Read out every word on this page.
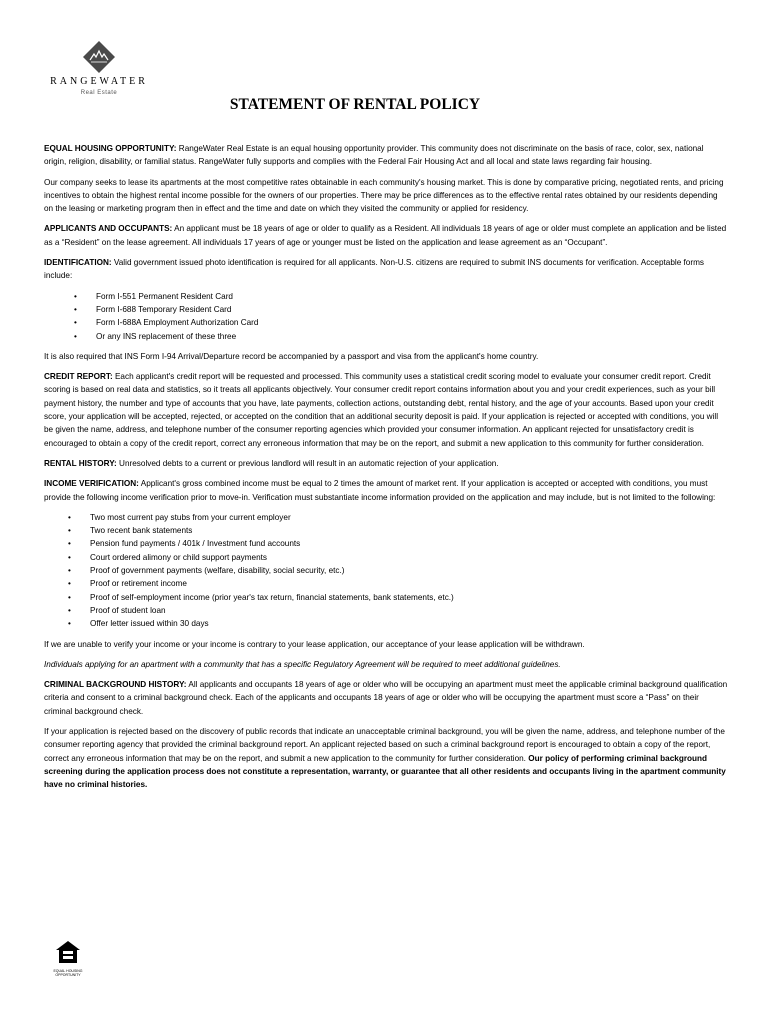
RANGEWATER
Real Estate
STATEMENT OF RENTAL POLICY

EQUAL HOUSING OPPORTUNITY: RangeWater Real Estate is an equal housing opportunity provider. This community does not discriminate on the basis of race, color, sex, national origin, religion, disability, or familial status. RangeWater fully supports and complies with the Federal Fair Housing Act and all local and state laws regarding fair housing.

Our company seeks to lease its apartments at the most competitive rates obtainable in each community's housing market. This is done by comparative pricing, negotiated rents, and pricing incentives to obtain the highest rental income possible for the owners of our properties. There may be price differences as to the effective rental rates obtained by our residents depending on the leasing or marketing program then in effect and the time and date on which they visited the community or applied for residency.

APPLICANTS AND OCCUPANTS: An applicant must be 18 years of age or older to qualify as a Resident. All individuals 18 years of age or older must complete an application and be listed as a “Resident” on the lease agreement. All individuals 17 years of age or younger must be listed on the application and lease agreement as an “Occupant”.

IDENTIFICATION: Valid government issued photo identification is required for all applicants. Non-U.S. citizens are required to submit INS documents for verification. Acceptable forms include:

• Form I-551 Permanent Resident Card
• Form I-688 Temporary Resident Card
• Form I-688A Employment Authorization Card
• Or any INS replacement of these three

It is also required that INS Form I-94 Arrival/Departure record be accompanied by a passport and visa from the applicant's home country.

CREDIT REPORT: Each applicant's credit report will be requested and processed. This community uses a statistical credit scoring model to evaluate your consumer credit report. Credit scoring is based on real data and statistics, so it treats all applicants objectively. Your consumer credit report contains information about you and your credit experiences, such as your bill payment history, the number and type of accounts that you have, late payments, collection actions, outstanding debt, rental history, and the age of your accounts. Based upon your credit score, your application will be accepted, rejected, or accepted on the condition that an additional security deposit is paid. If your application is rejected or accepted with conditions, you will be given the name, address, and telephone number of the consumer reporting agencies which provided your consumer information. An applicant rejected for unsatisfactory credit is encouraged to obtain a copy of the credit report, correct any erroneous information that may be on the report, and submit a new application to this community for further consideration.

RENTAL HISTORY: Unresolved debts to a current or previous landlord will result in an automatic rejection of your application.

INCOME VERIFICATION: Applicant's gross combined income must be equal to 2 times the amount of market rent. If your application is accepted or accepted with conditions, you must provide the following income verification prior to move-in. Verification must substantiate income information provided on the application and may include, but is not limited to the following:

• Two most current pay stubs from your current employer
• Two recent bank statements
• Pension fund payments / 401k / Investment fund accounts
• Court ordered alimony or child support payments
• Proof of government payments (welfare, disability, social security, etc.)
• Proof or retirement income
• Proof of self-employment income (prior year's tax return, financial statements, bank statements, etc.)
• Proof of student loan
• Offer letter issued within 30 days

If we are unable to verify your income or your income is contrary to your lease application, our acceptance of your lease application will be withdrawn.

Individuals applying for an apartment with a community that has a specific Regulatory Agreement will be required to meet additional guidelines.

CRIMINAL BACKGROUND HISTORY: All applicants and occupants 18 years of age or older who will be occupying an apartment must meet the applicable criminal background qualification criteria and consent to a criminal background check. Each of the applicants and occupants 18 years of age or older who will be occupying the apartment must score a “Pass” on their criminal background check.

If your application is rejected based on the discovery of public records that indicate an unacceptable criminal background, you will be given the name, address, and telephone number of the consumer reporting agency that provided the criminal background report. An applicant rejected based on such a criminal background report is encouraged to obtain a copy of the report, correct any erroneous information that may be on the report, and submit a new application to the community for further consideration. Our policy of performing criminal background screening during the application process does not constitute a representation, warranty, or guarantee that all other residents and occupants living in the apartment community have no criminal histories.

EQUAL HOUSING
OPPORTUNITY
